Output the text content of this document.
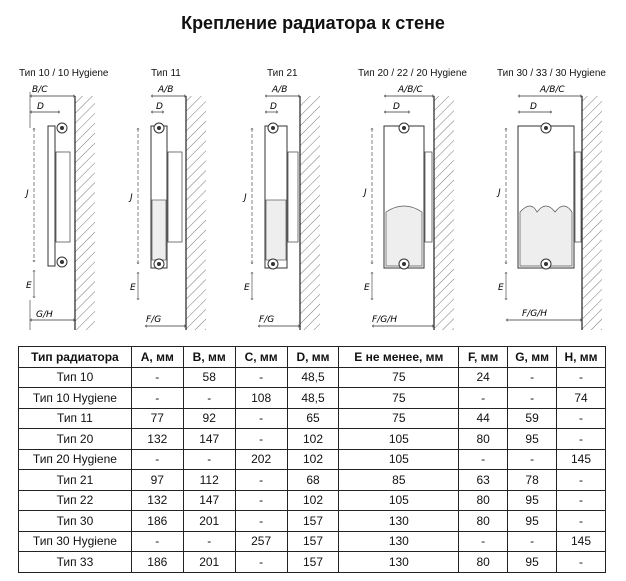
Крепление радиатора к стене
Тип 10 / 10 Hygiene	Тип 11	Тип 21	Тип 20 / 22 / 20 Hygiene	Тип 30 / 33 / 30 Hygiene
B/C
D
J
E
G/H
A/B
D
J
E
F/G
A/B
D
J
E
F/G
A/B/C
D
J
E
F/G/H
A/B/C
D
J
E
F/G/H
Тип радиатора	A, мм	B, мм	C, мм	D, мм	E не менее, мм	F, мм	G, мм	H, мм
Тип 10	-	58	-	48,5	75	24	-	-
Тип 10 Hygiene	-	-	108	48,5	75	-	-	74
Тип 11	77	92	-	65	75	44	59	-
Тип 20	132	147	-	102	105	80	95	-
Тип 20 Hygiene	-	-	202	102	105	-	-	145
Тип 21	97	112	-	68	85	63	78	-
Тип 22	132	147	-	102	105	80	95	-
Тип 30	186	201	-	157	130	80	95	-
Тип 30 Hygiene	-	-	257	157	130	-	-	145
Тип 33	186	201	-	157	130	80	95	-
